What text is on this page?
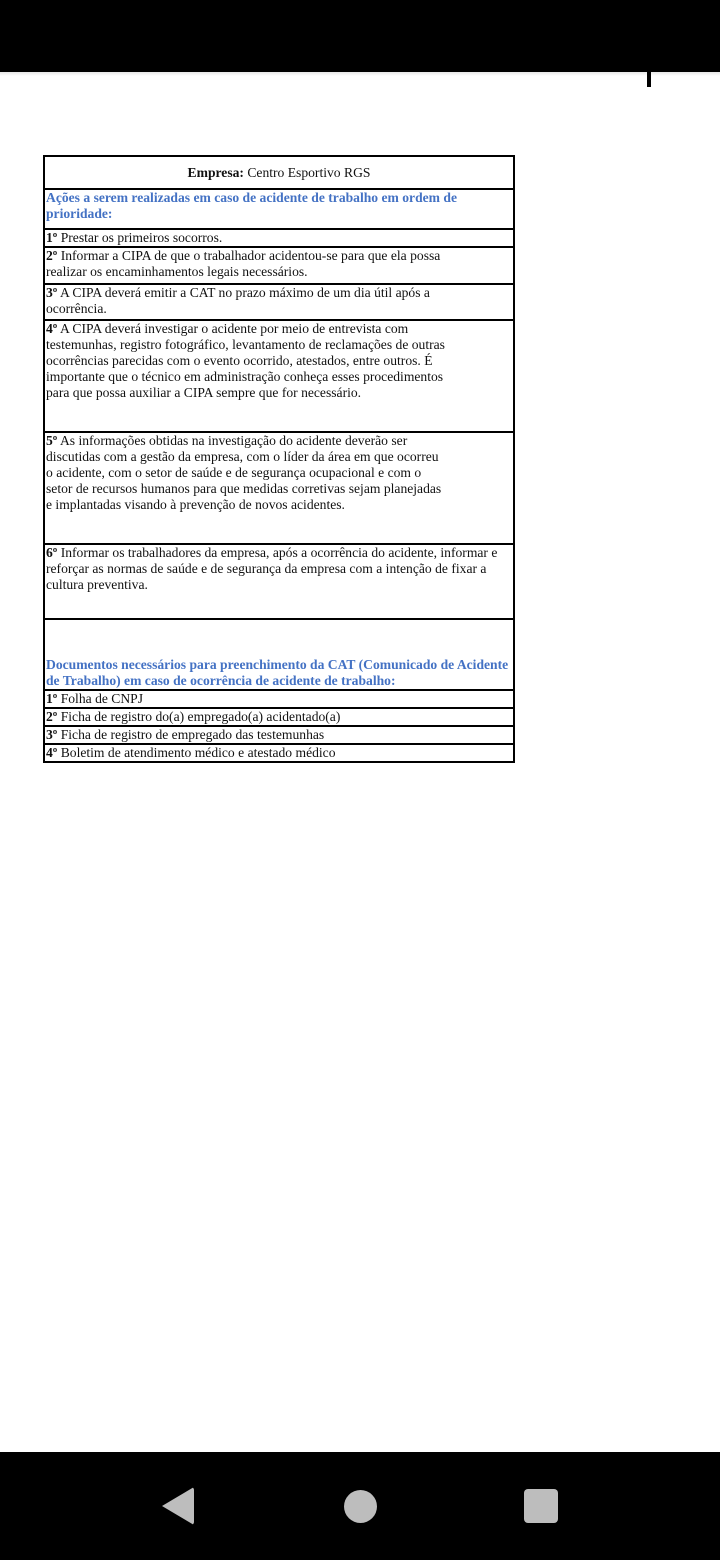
Empresa: Centro Esportivo RGS
Ações a serem realizadas em caso de acidente de trabalho em ordem de prioridade:
1º Prestar os primeiros socorros.

2º Informar a CIPA de que o trabalhador acidentou-se para que ela possa realizar os encaminhamentos legais necessários.

3º A CIPA deverá emitir a CAT no prazo máximo de um dia útil após a ocorrência.

4º A CIPA deverá investigar o acidente por meio de entrevista com testemunhas, registro fotográfico, levantamento de reclamações de outras ocorrências parecidas com o evento ocorrido, atestados, entre outros. É importante que o técnico em administração conheça esses procedimentos para que possa auxiliar a CIPA sempre que for necessário.

5º As informações obtidas na investigação do acidente deverão ser discutidas com a gestão da empresa, com o líder da área em que ocorreu o acidente, com o setor de saúde e de segurança ocupacional e com o setor de recursos humanos para que medidas corretivas sejam planejadas e implantadas visando à prevenção de novos acidentes.

6º Informar os trabalhadores da empresa, após a ocorrência do acidente, informar e reforçar as normas de saúde e de segurança da empresa com a intenção de fixar a cultura preventiva.
Documentos necessários para preenchimento da CAT (Comunicado de Acidente de Trabalho) em caso de ocorrência de acidente de trabalho:
1º Folha de CNPJ
2º Ficha de registro do(a) empregado(a) acidentado(a)
3º Ficha de registro de empregado das testemunhas
4º Boletim de atendimento médico e atestado médico
